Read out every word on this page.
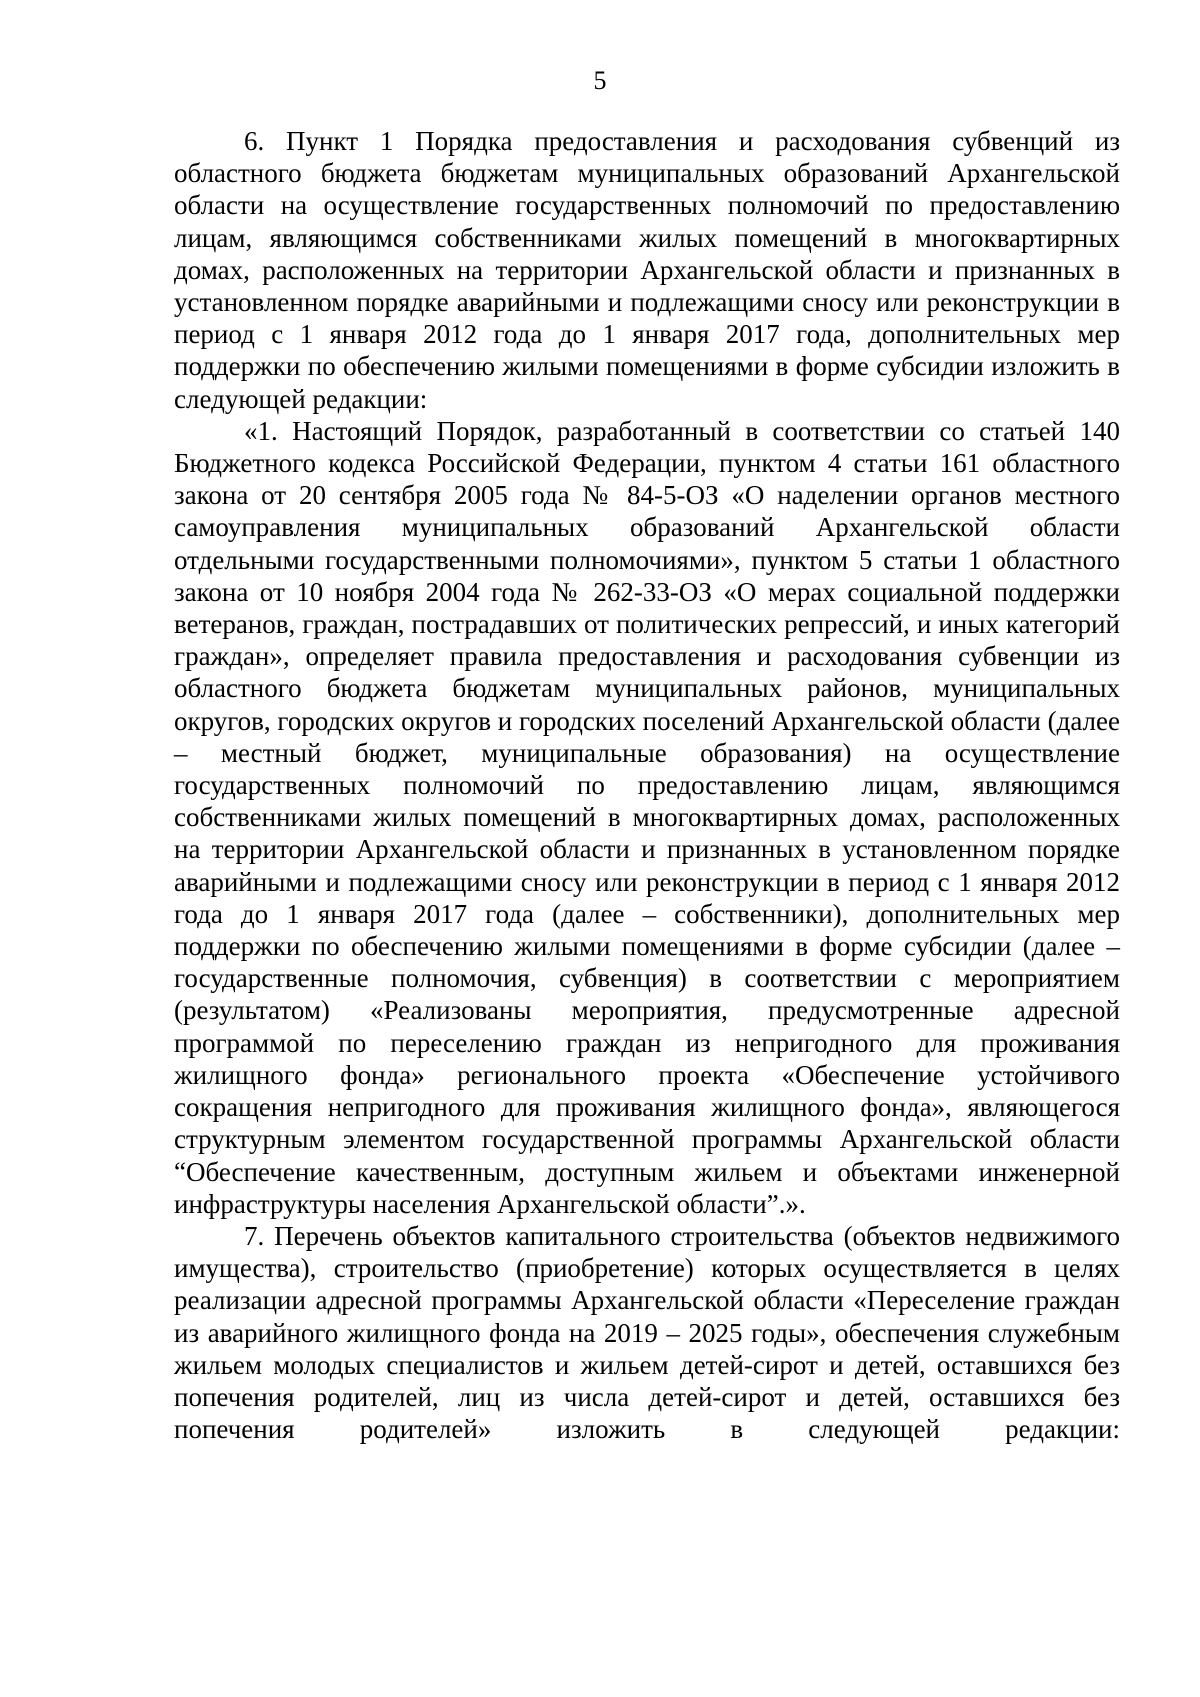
5

6. Пункт 1 Порядка предоставления и расходования субвенций из областного бюджета бюджетам муниципальных образований Архангельской области на осуществление государственных полномочий по предоставлению лицам, являющимся собственниками жилых помещений в многоквартирных домах, расположенных на территории Архангельской области и признанных в установленном порядке аварийными и подлежащими сносу или реконструкции в период с 1 января 2012 года до 1 января 2017 года, дополнительных мер поддержки по обеспечению жилыми помещениями в форме субсидии изложить в следующей редакции:

«1. Настоящий Порядок, разработанный в соответствии со статьей 140 Бюджетного кодекса Российской Федерации, пунктом 4 статьи 161 областного закона от 20 сентября 2005 года № 84-5-ОЗ «О наделении органов местного самоуправления муниципальных образований Архангельской области отдельными государственными полномочиями», пунктом 5 статьи 1 областного закона от 10 ноября 2004 года № 262-33-ОЗ «О мерах социальной поддержки ветеранов, граждан, пострадавших от политических репрессий, и иных категорий граждан», определяет правила предоставления и расходования субвенции из областного бюджета бюджетам муниципальных районов, муниципальных округов, городских округов и городских поселений Архангельской области (далее – местный бюджет, муниципальные образования) на осуществление государственных полномочий по предоставлению лицам, являющимся собственниками жилых помещений в многоквартирных домах, расположенных на территории Архангельской области и признанных в установленном порядке аварийными и подлежащими сносу или реконструкции в период с 1 января 2012 года до 1 января 2017 года (далее – собственники), дополнительных мер поддержки по обеспечению жилыми помещениями в форме субсидии (далее – государственные полномочия, субвенция) в соответствии с мероприятием (результатом) «Реализованы мероприятия, предусмотренные адресной программой по переселению граждан из непригодного для проживания жилищного фонда» регионального проекта «Обеспечение устойчивого сокращения непригодного для проживания жилищного фонда», являющегося структурным элементом государственной программы Архангельской области “Обеспечение качественным, доступным жильем и объектами инженерной инфраструктуры населения Архангельской области”.».

7. Перечень объектов капитального строительства (объектов недвижимого имущества), строительство (приобретение) которых осуществляется в целях реализации адресной программы Архангельской области «Переселение граждан из аварийного жилищного фонда на 2019 – 2025 годы», обеспечения служебным жильем молодых специалистов и жильем детей-сирот и детей, оставшихся без попечения родителей, лиц из числа детей-сирот и детей, оставшихся без попечения родителей» изложить в следующей редакции:
